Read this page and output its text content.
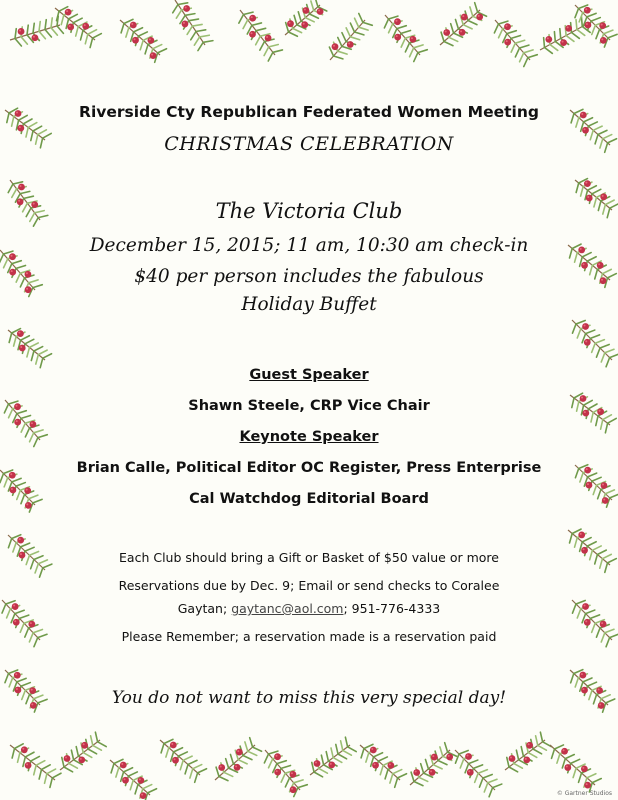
Riverside Cty Republican Federated Women Meeting
CHRISTMAS CELEBRATION
The Victoria Club
December 15, 2015; 11 am, 10:30 am check-in
$40 per person includes the fabulous
Holiday Buffet
Guest Speaker
Shawn Steele, CRP Vice Chair
Keynote Speaker
Brian Calle, Political Editor OC Register, Press Enterprise
Cal Watchdog Editorial Board
Each Club should bring a Gift or Basket of $50 value or more
Reservations due by Dec. 9; Email or send checks to Coralee
Gaytan; gaytanc@aol.com; 951-776-4333
Please Remember; a reservation made is a reservation paid
You do not want to miss this very special day!
© Gartner Studios
